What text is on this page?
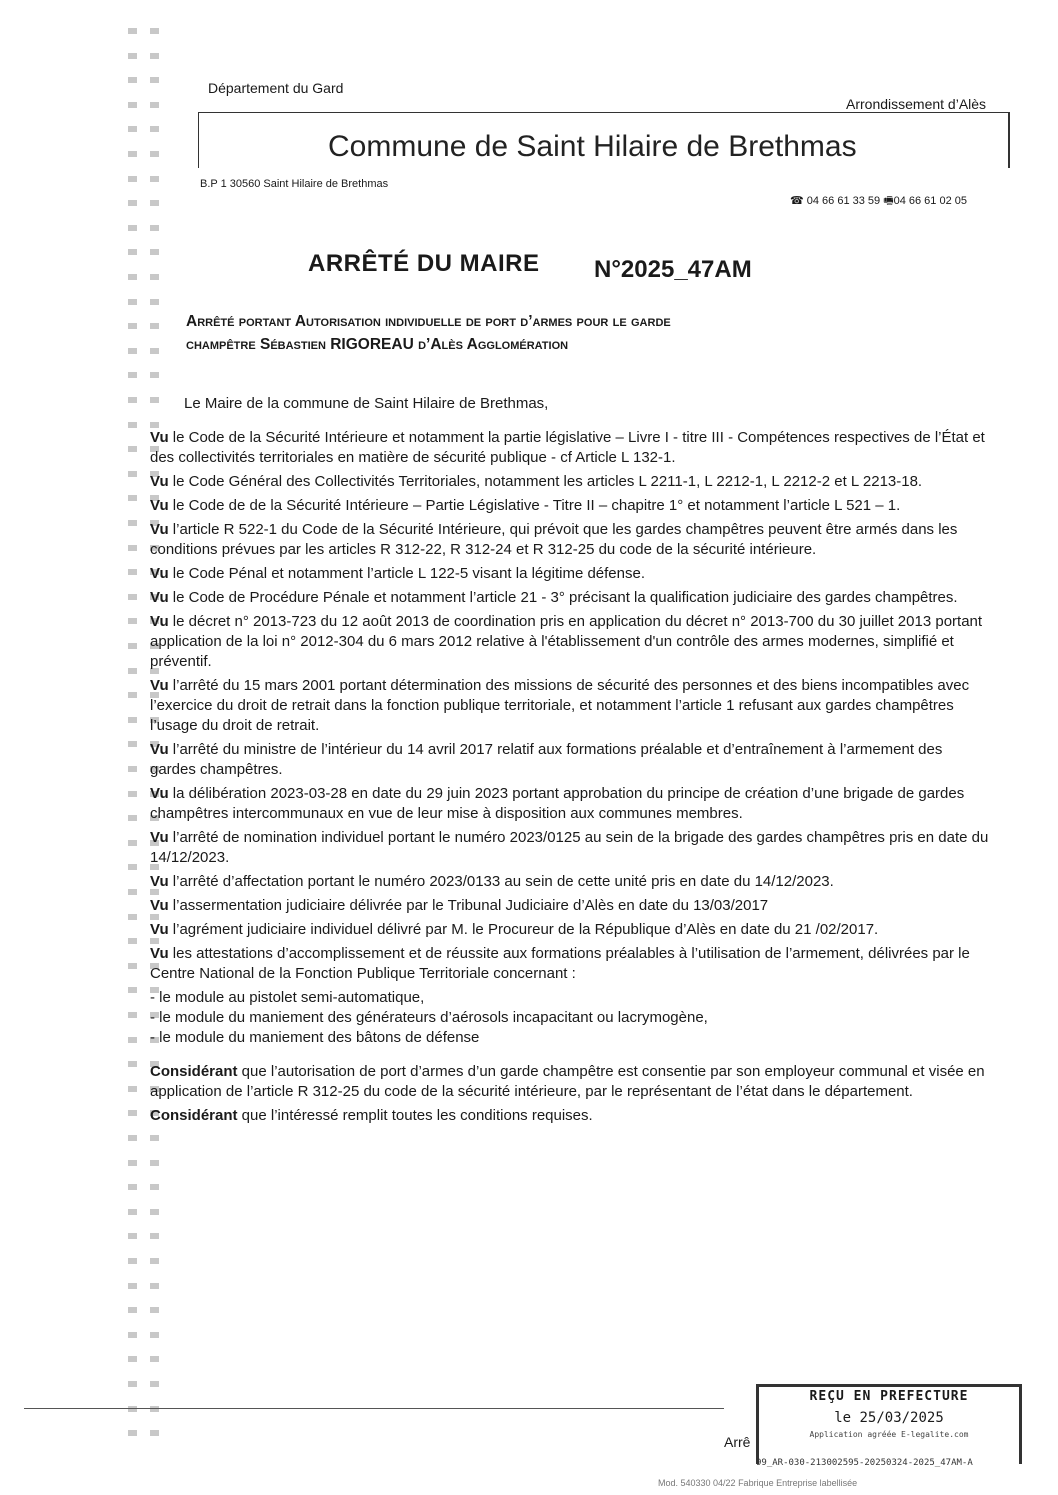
Département du Gard
Arrondissement d’Alès
Commune de Saint Hilaire de Brethmas
B.P 1 30560 Saint Hilaire de Brethmas
☎ 04 66 61 33 59 🖷04 66 61 02 05
ARRÊTÉ DU MAIRE N°2025_47AM
Arrêté portant Autorisation individuelle de port d’armes pour le garde
champêtre Sébastien RIGOREAU d’Alès Agglomération

Le Maire de la commune de Saint Hilaire de Brethmas,

Vu le Code de la Sécurité Intérieure et notamment la partie législative – Livre I - titre III - Compétences respectives de l’État et des collectivités territoriales en matière de sécurité publique - cf Article L 132-1.

Vu le Code Général des Collectivités Territoriales, notamment les articles L 2211-1, L 2212-1, L 2212-2 et L 2213-18.

Vu le Code de de la Sécurité Intérieure – Partie Législative - Titre II – chapitre 1° et notamment l’article L 521 – 1.

Vu l’article R 522-1 du Code de la Sécurité Intérieure, qui prévoit que les gardes champêtres peuvent être armés dans les conditions prévues par les articles R 312-22, R 312-24 et R 312-25 du code de la sécurité intérieure.

Vu le Code Pénal et notamment l’article L 122-5 visant la légitime défense.

Vu le Code de Procédure Pénale et notamment l’article 21 - 3° précisant la qualification judiciaire des gardes champêtres.

Vu le décret n° 2013-723 du 12 août 2013 de coordination pris en application du décret n° 2013-700 du 30 juillet 2013 portant application de la loi n° 2012-304 du 6 mars 2012 relative à l'établissement d'un contrôle des armes modernes, simplifié et préventif.

Vu l’arrêté du 15 mars 2001 portant détermination des missions de sécurité des personnes et des biens incompatibles avec l’exercice du droit de retrait dans la fonction publique territoriale, et notamment l’article 1 refusant aux gardes champêtres l’usage du droit de retrait.

Vu l’arrêté du ministre de l’intérieur du 14 avril 2017 relatif aux formations préalable et d’entraînement à l’armement des gardes champêtres.

Vu la délibération 2023-03-28 en date du 29 juin 2023 portant approbation du principe de création d’une brigade de gardes champêtres intercommunaux en vue de leur mise à disposition aux communes membres.

Vu l’arrêté de nomination individuel portant le numéro 2023/0125 au sein de la brigade des gardes champêtres pris en date du 14/12/2023.

Vu l’arrêté d’affectation portant le numéro 2023/0133 au sein de cette unité pris en date du 14/12/2023.

Vu l’assermentation judiciaire délivrée par le Tribunal Judiciaire d’Alès en date du 13/03/2017

Vu l’agrément judiciaire individuel délivré par M. le Procureur de la République d’Alès en date du 21 /02/2017.

Vu les attestations d’accomplissement et de réussite aux formations préalables à l’utilisation de l’armement, délivrées par le Centre National de la Fonction Publique Territoriale concernant :

- le module au pistolet semi-automatique,
- le module du maniement des générateurs d’aérosols incapacitant ou lacrymogène,
- le module du maniement des bâtons de défense

Considérant que l’autorisation de port d’armes d’un garde champêtre est consentie par son employeur communal et visée en application de l’article R 312-25 du code de la sécurité intérieure, par le représentant de l’état dans le département.

Considérant que l’intéressé remplit toutes les conditions requises.

Arrê
REÇU EN PREFECTURE
le 25/03/2025
Application agréée E-legalite.com
99_AR-030-213002595-20250324-2025_47AM-A
Mod. 540330 04/22 Fabrique Entreprise labellisée
